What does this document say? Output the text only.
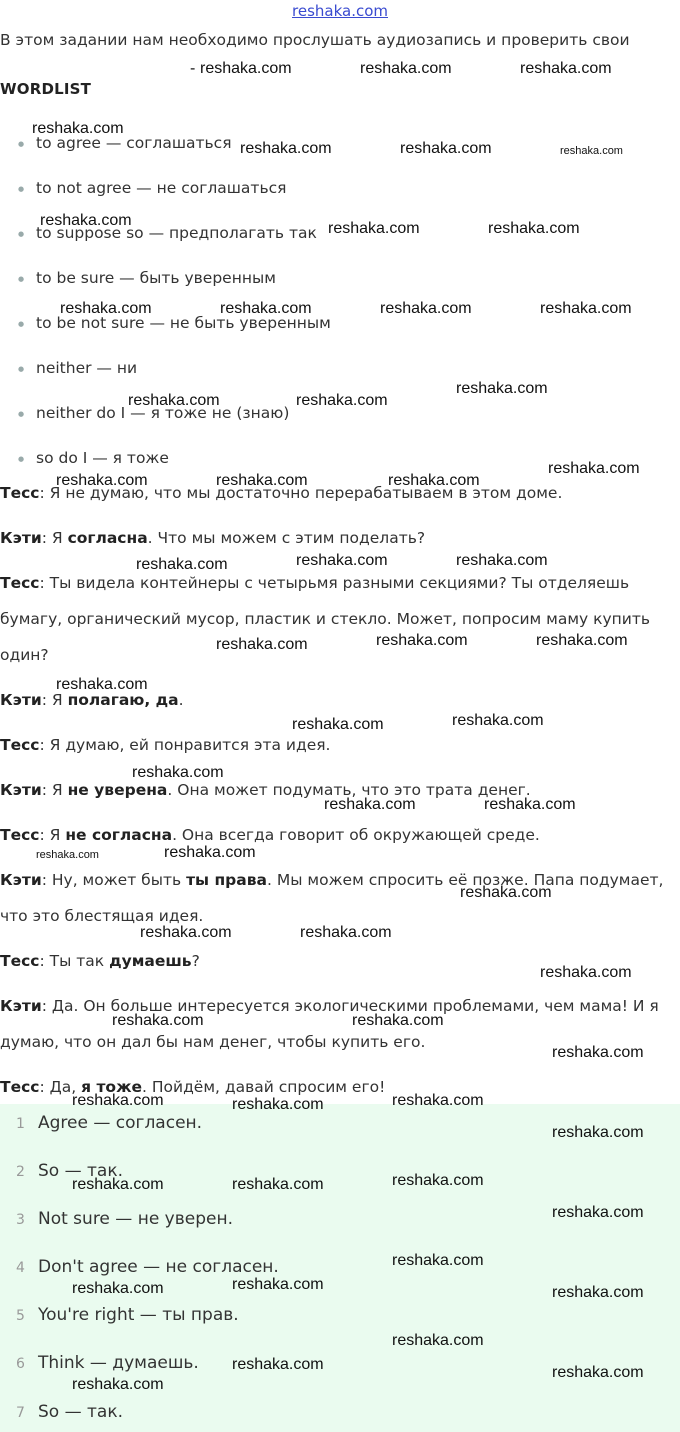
reshaka.com
В этом задании нам необходимо прослушать аудиозапись и проверить свои
WORDLIST
● to agree — соглашаться
● to not agree — не соглашаться
● to suppose so — предполагать так
● to be sure — быть уверенным
● to be not sure — не быть уверенным
● neither — ни
● neither do I — я тоже не (знаю)
● so do I — я тоже
Тесс: Я не думаю, что мы достаточно перерабатываем в этом доме.
Кэти: Я согласна. Что мы можем с этим поделать?
Тесс: Ты видела контейнеры с четырьмя разными секциями? Ты отделяешь
бумагу, органический мусор, пластик и стекло. Может, попросим маму купить
один?
Кэти: Я полагаю, да.
Тесс: Я думаю, ей понравится эта идея.
Кэти: Я не уверена. Она может подумать, что это трата денег.
Тесс: Я не согласна. Она всегда говорит об окружающей среде.
Кэти: Ну, может быть ты права. Мы можем спросить её позже. Папа подумает,
что это блестящая идея.
Тесс: Ты так думаешь?
Кэти: Да. Он больше интересуется экологическими проблемами, чем мама! И я
думаю, что он дал бы нам денег, чтобы купить его.
Тесс: Да, я тоже. Пойдём, давай спросим его!
1 Agree — согласен.
2 So — так.
3 Not sure — не уверен.
4 Don't agree — не согласен.
5 You're right — ты прав.
6 Think — думаешь.
7 So — так.
- reshaka.com	reshaka.com	reshaka.com
reshaka.com
reshaka.com	reshaka.com	reshaka.com
reshaka.com	reshaka.com	reshaka.com
reshaka.com	reshaka.com	reshaka.com	reshaka.com
reshaka.com
reshaka.com	reshaka.com
reshaka.com
reshaka.com	reshaka.com	reshaka.com
reshaka.com	reshaka.com	reshaka.com
reshaka.com	reshaka.com
reshaka.com
reshaka.com
reshaka.com
reshaka.com
reshaka.com
reshaka.com	reshaka.com
reshaka.com	reshaka.com
reshaka.com
reshaka.com	reshaka.com
reshaka.com
reshaka.com	reshaka.com
reshaka.com
reshaka.com	reshaka.com	reshaka.com
reshaka.com
reshaka.com	reshaka.com	reshaka.com
reshaka.com
reshaka.com
reshaka.com	reshaka.com	reshaka.com
reshaka.com
reshaka.com	reshaka.com
reshaka.com
